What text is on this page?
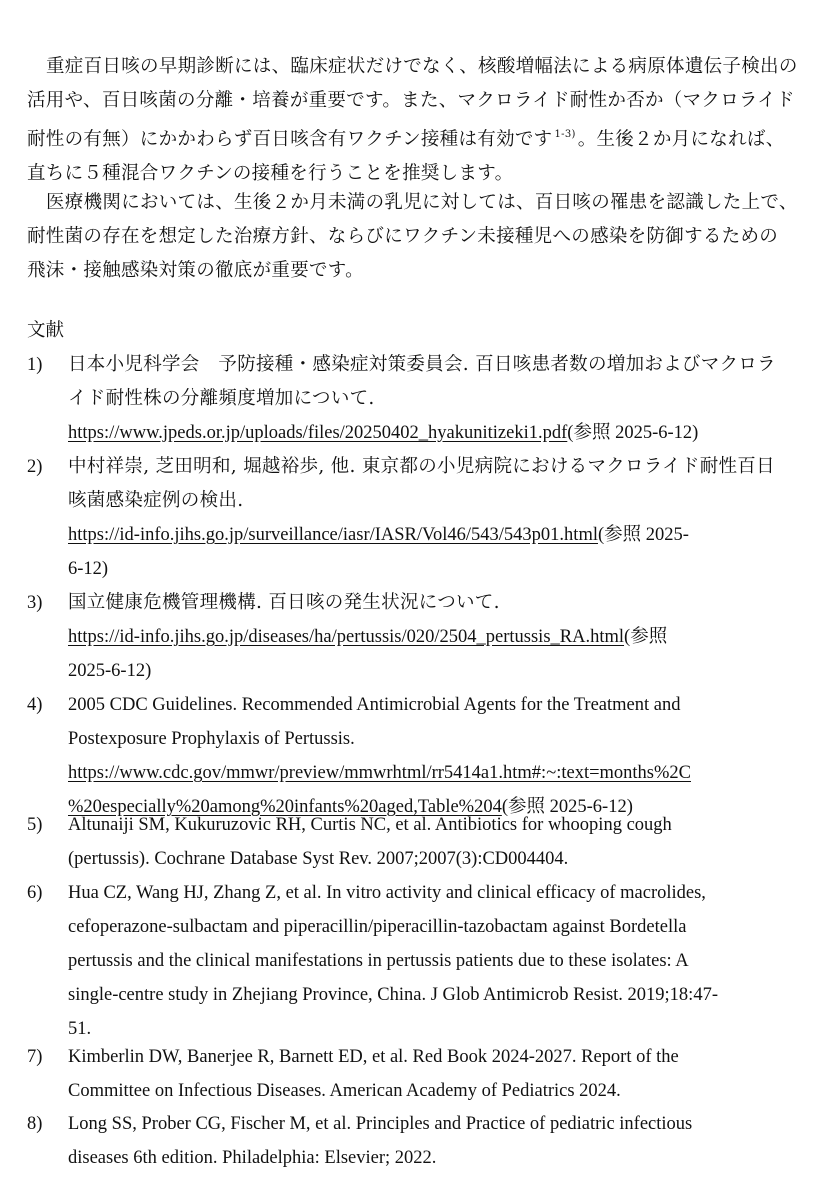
重症百日咳の早期診断には、臨床症状だけでなく、核酸増幅法による病原体遺伝子検出の
活用や、百日咳菌の分離・培養が重要です。また、マクロライド耐性か否か（マクロライド
耐性の有無）にかかわらず百日咳含有ワクチン接種は有効です $^{1-3)}$ 。生後２か月になれば、
直ちに５種混合ワクチンの接種を行うことを推奨します。

医療機関においては、生後２か月未満の乳児に対しては、百日咳の罹患を認識した上で、
耐性菌の存在を想定した治療方針、ならびにワクチン未接種児への感染を防御するための
飛沫・接触感染対策の徹底が重要です。

文献
1) 日本小児科学会　予防接種・感染症対策委員会. 百日咳患者数の増加およびマクロラ
イド耐性株の分離頻度増加について.
https://www.jpeds.or.jp/uploads/files/20250402_hyakunitizeki1.pdf(参照 2025-6-12)
2) 中村祥崇, 芝田明和, 堀越裕歩, 他. 東京都の小児病院におけるマクロライド耐性百日
咳菌感染症例の検出.
https://id-info.jihs.go.jp/surveillance/iasr/IASR/Vol46/543/543p01.html(参照 2025-
6-12)
3) 国立健康危機管理機構. 百日咳の発生状況について.
https://id-info.jihs.go.jp/diseases/ha/pertussis/020/2504_pertussis_RA.html(参照
2025-6-12)
4) 2005 CDC Guidelines. Recommended Antimicrobial Agents for the Treatment and
Postexposure Prophylaxis of Pertussis.
https://www.cdc.gov/mmwr/preview/mmwrhtml/rr5414a1.htm#:~:text=months%2C
%20especially%20among%20infants%20aged,Table%204(参照 2025-6-12)
5) Altunaiji SM, Kukuruzovic RH, Curtis NC, et al. Antibiotics for whooping cough
(pertussis). Cochrane Database Syst Rev. 2007;2007(3):CD004404.
6) Hua CZ, Wang HJ, Zhang Z, et al. In vitro activity and clinical efficacy of macrolides,
cefoperazone-sulbactam and piperacillin/piperacillin-tazobactam against Bordetella
pertussis and the clinical manifestations in pertussis patients due to these isolates: A
single-centre study in Zhejiang Province, China. J Glob Antimicrob Resist. 2019;18:47-
51.
7) Kimberlin DW, Banerjee R, Barnett ED, et al. Red Book 2024-2027. Report of the
Committee on Infectious Diseases. American Academy of Pediatrics 2024.
8) Long SS, Prober CG, Fischer M, et al. Principles and Practice of pediatric infectious
diseases 6th edition. Philadelphia: Elsevier; 2022.
